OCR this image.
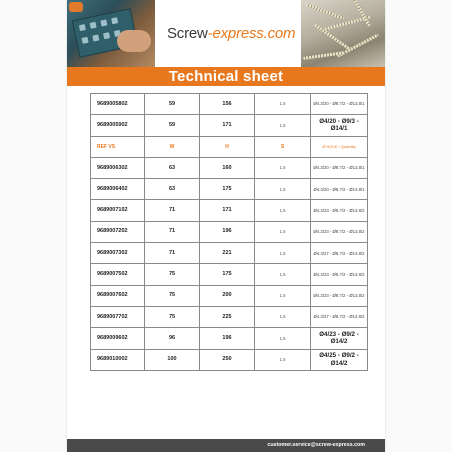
Screw-express.com
Technical sheet
9689005802	59	156	1,5	Ø4.3/20 - Ø8.7/2 - Ø13.8/1
9689005902	59	171	1,5	Ø4/20 - Ø9/3 - Ø14/1
REF VS	W	H	S	Ø HOLE / Quantity
9689006302	63	160	1,5	Ø4.3/20 - Ø8.7/2 - Ø13.8/1
9689006402	63	175	1,5	Ø4.3/20 - Ø8.7/2 - Ø13.8/1
9689007102	71	171	1,5	Ø4.3/23 - Ø8.7/2 - Ø13.8/2
9689007202	71	196	1,5	Ø4.3/23 - Ø8.7/2 - Ø13.8/2
9689007302	71	221	1,5	Ø4.3/27 - Ø8.7/2 - Ø13.8/2
9689007502	75	175	1,5	Ø4.3/23 - Ø8.7/2 - Ø13.8/2
9689007602	75	200	1,5	Ø4.3/23 - Ø8.7/2 - Ø13.8/2
9689007702	75	225	1,5	Ø4.3/27 - Ø8.7/2 - Ø13.8/2
9689009602	96	196	1,5	Ø4/23 - Ø9/2 - Ø14/2
9689010002	100	250	1,5	Ø4/25 - Ø9/2 - Ø14/2
customer.service@screw-express.com
